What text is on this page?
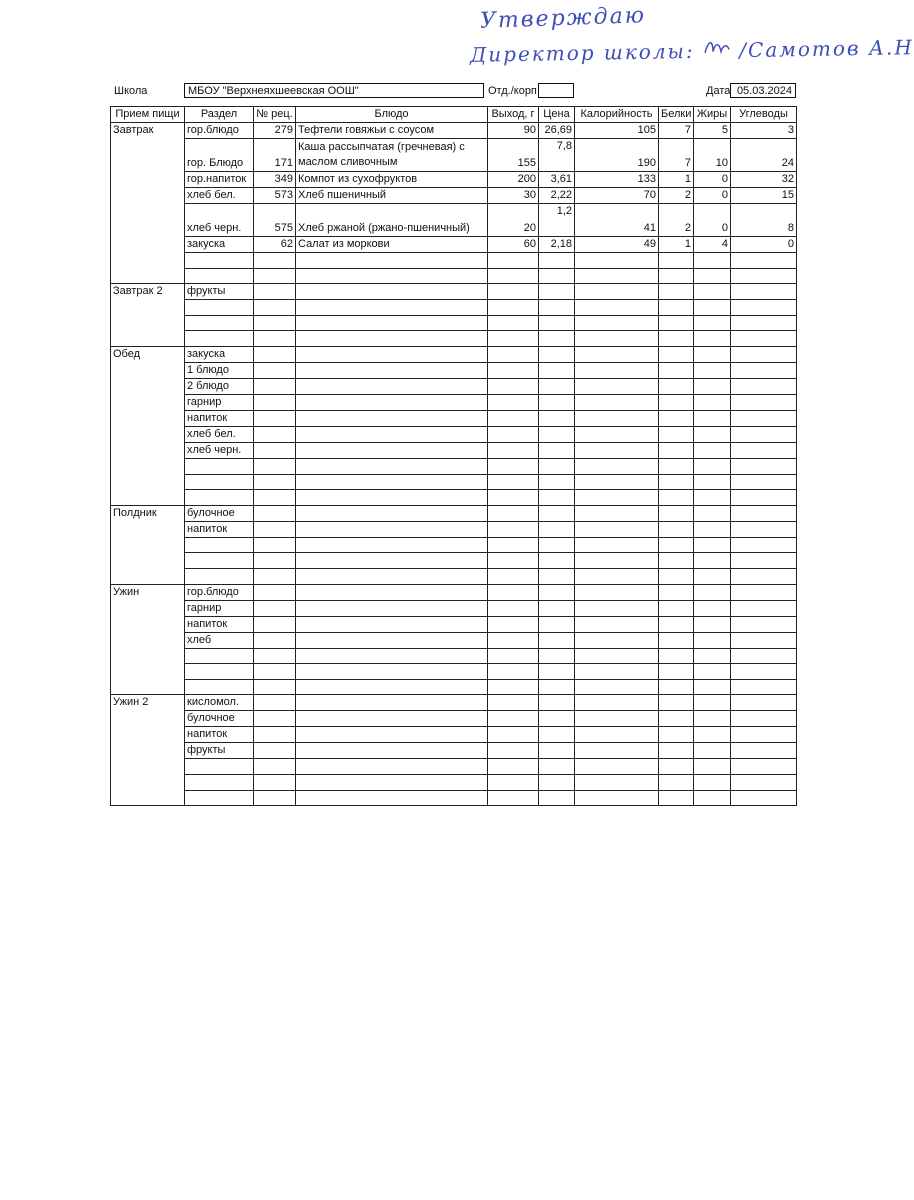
Утверждаю
Директор школы: /Самотов А.Н
Школа	МБОУ "Верхнеяхшеевская ООШ"	Отд./корп	Дата 05.03.2024
Прием пищи	Раздел	№ рец.	Блюдо	Выход, г	Цена	Калорийность	Белки	Жиры	Углеводы
Завтрак	гор.блюдо	279	Тефтели говяжьи с соусом	90	26,69	105	7	5	3
	гор. Блюдо	171	Каша рассыпчатая (гречневая) с маслом сливочным	155	7,8	190	7	10	24
	гор.напиток	349	Компот из сухофруктов	200	3,61	133	1	0	32
	хлеб бел.	573	Хлеб пшеничный	30	2,22	70	2	0	15
	хлеб черн.	575	Хлеб ржаной (ржано-пшеничный)	20	1,2	41	2	0	8
	закуска	62	Салат из моркови	60	2,18	49	1	4	0

Завтрак 2	фрукты								

Обед	закуска								
	1 блюдо								
	2 блюдо								
	гарнир								
	напиток								
	хлеб бел.								
	хлеб черн.								

Полдник	булочное								
	напиток								

Ужин	гор.блюдо								
	гарнир								
	напиток								
	хлеб								

Ужин 2	кисломол.								
	булочное								
	напиток								
	фрукты								
